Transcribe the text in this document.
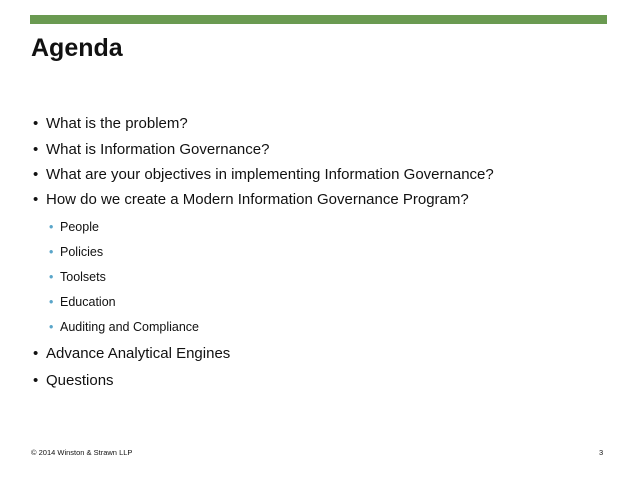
Agenda
• What is the problem?
• What is Information Governance?
• What are your objectives in implementing Information Governance?
• How do we create a Modern Information Governance Program?
• People
• Policies
• Toolsets
• Education
• Auditing and Compliance
• Advance Analytical Engines
• Questions
© 2014 Winston & Strawn LLP	3
